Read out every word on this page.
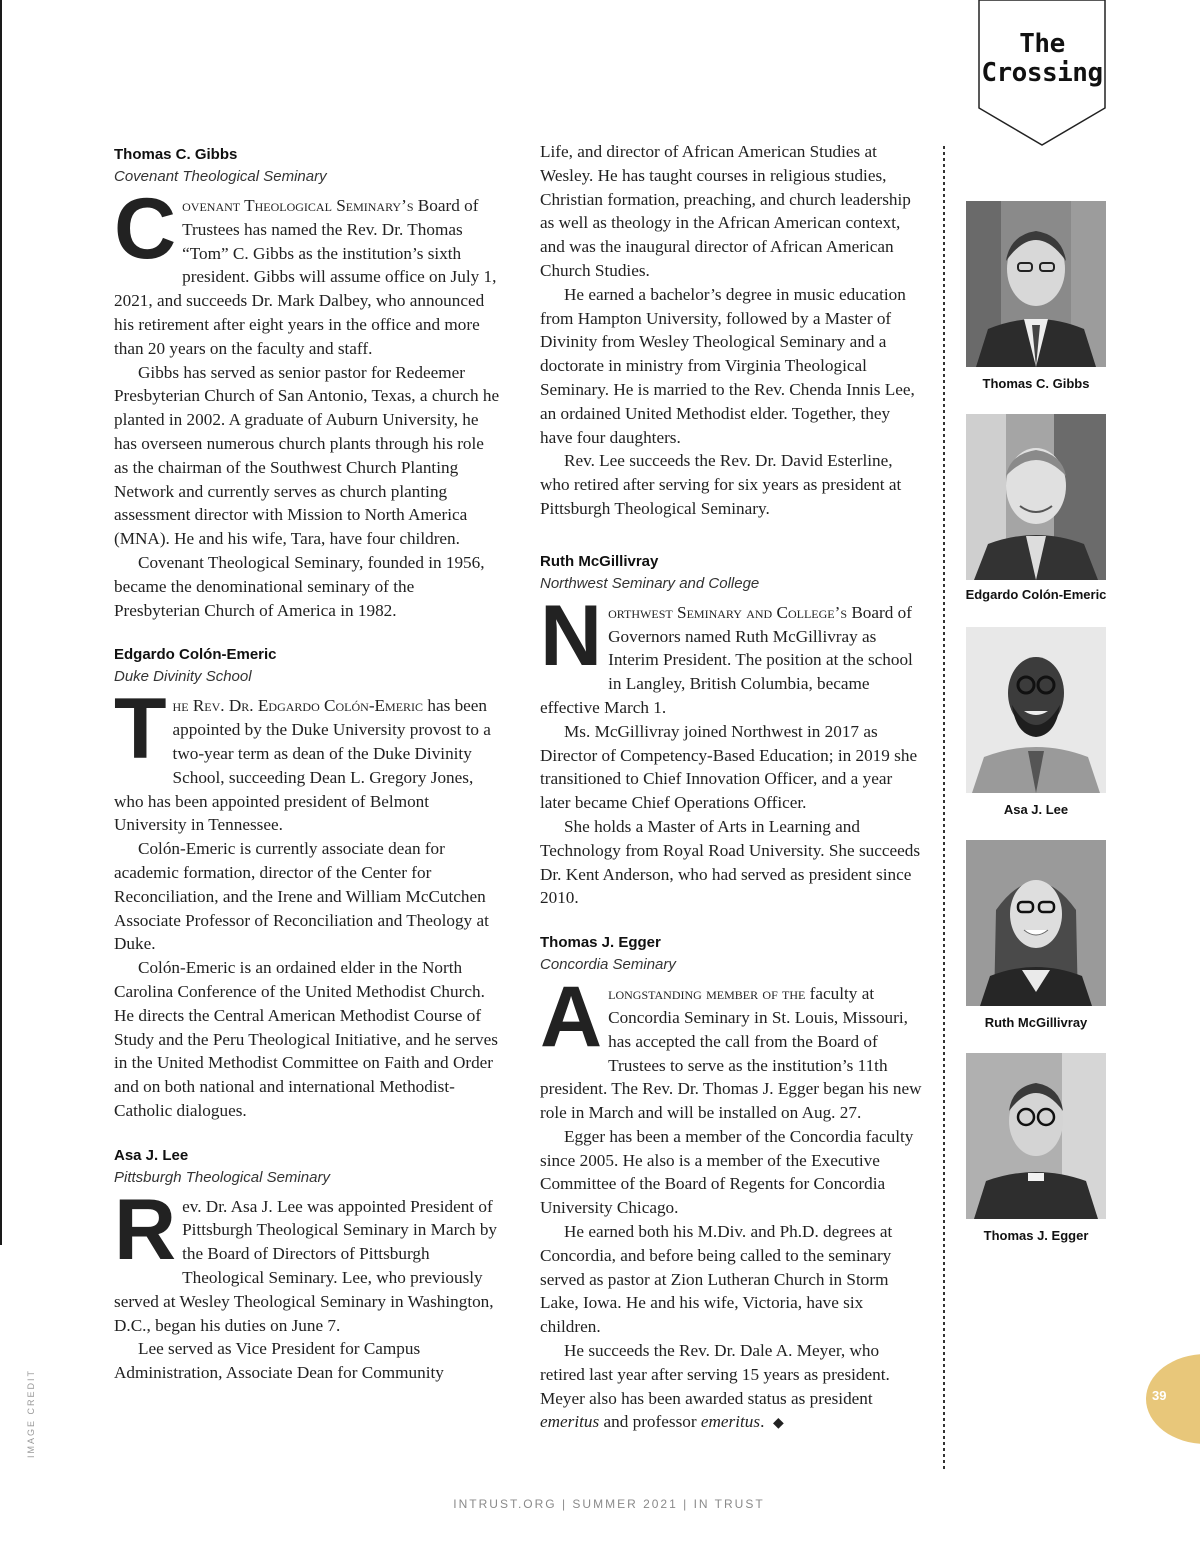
The
Crossing
Thomas C. Gibbs
Covenant Theological Seminary

Covenant Theological Seminary’s Board of Trustees has named the Rev. Dr. Thomas “Tom” C. Gibbs as the institution’s sixth president. Gibbs will assume office on July 1, 2021, and succeeds Dr. Mark Dalbey, who announced his retirement after eight years in the office and more than 20 years on the faculty and staff.

Gibbs has served as senior pastor for Redeemer Presbyterian Church of San Antonio, Texas, a church he planted in 2002. A graduate of Auburn University, he has overseen numerous church plants through his role as the chairman of the Southwest Church Planting Network and currently serves as church planting assessment director with Mission to North America (MNA). He and his wife, Tara, have four children.

Covenant Theological Seminary, founded in 1956, became the denominational seminary of the Presbyterian Church of America in 1982.

Edgardo Colón-Emeric
Duke Divinity School

The Rev. Dr. Edgardo Colón-Emeric has been appointed by the Duke University provost to a two-year term as dean of the Duke Divinity School, succeeding Dean L. Gregory Jones, who has been appointed president of Belmont University in Tennessee.

Colón-Emeric is currently associate dean for academic formation, director of the Center for Reconciliation, and the Irene and William McCutchen Associate Professor of Reconciliation and Theology at Duke.

Colón-Emeric is an ordained elder in the North Carolina Conference of the United Methodist Church. He directs the Central American Methodist Course of Study and the Peru Theological Initiative, and he serves in the United Methodist Committee on Faith and Order and on both national and international Methodist-Catholic dialogues.

Asa J. Lee
Pittsburgh Theological Seminary

Rev. Dr. Asa J. Lee was appointed President of Pittsburgh Theological Seminary in March by the Board of Directors of Pittsburgh Theological Seminary. Lee, who previously served at Wesley Theological Seminary in Washington, D.C., began his duties on June 7.

Lee served as Vice President for Campus Administration, Associate Dean for Community

Life, and director of African American Studies at Wesley. He has taught courses in religious studies, Christian formation, preaching, and church leadership as well as theology in the African American context, and was the inaugural director of African American Church Studies.

He earned a bachelor’s degree in music education from Hampton University, followed by a Master of Divinity from Wesley Theological Seminary and a doctorate in ministry from Virginia Theological Seminary. He is married to the Rev. Chenda Innis Lee, an ordained United Methodist elder. Together, they have four daughters.

Rev. Lee succeeds the Rev. Dr. David Esterline, who retired after serving for six years as president at Pittsburgh Theological Seminary.

Ruth McGillivray
Northwest Seminary and College

Northwest Seminary and College’s Board of Governors named Ruth McGillivray as Interim President. The position at the school in Langley, British Columbia, became effective March 1.

Ms. McGillivray joined Northwest in 2017 as Director of Competency-Based Education; in 2019 she transitioned to Chief Innovation Officer, and a year later became Chief Operations Officer.

She holds a Master of Arts in Learning and Technology from Royal Road University. She succeeds Dr. Kent Anderson, who had served as president since 2010.

Thomas J. Egger
Concordia Seminary

A longstanding member of the faculty at Concordia Seminary in St. Louis, Missouri, has accepted the call from the Board of Trustees to serve as the institution’s 11th president. The Rev. Dr. Thomas J. Egger began his new role in March and will be installed on Aug. 27.

Egger has been a member of the Concordia faculty since 2005. He also is a member of the Executive Committee of the Board of Regents for Concordia University Chicago.

He earned both his M.Div. and Ph.D. degrees at Concordia, and before being called to the seminary served as pastor at Zion Lutheran Church in Storm Lake, Iowa. He and his wife, Victoria, have six children.

He succeeds the Rev. Dr. Dale A. Meyer, who retired last year after serving 15 years as president. Meyer also has been awarded status as president emeritus and professor emeritus. ◆

Thomas C. Gibbs
Edgardo Colón-Emeric
Asa J. Lee
Ruth McGillivray
Thomas J. Egger
39
IMAGE CREDIT
INTRUST.ORG | SUMMER 2021 | IN TRUST
